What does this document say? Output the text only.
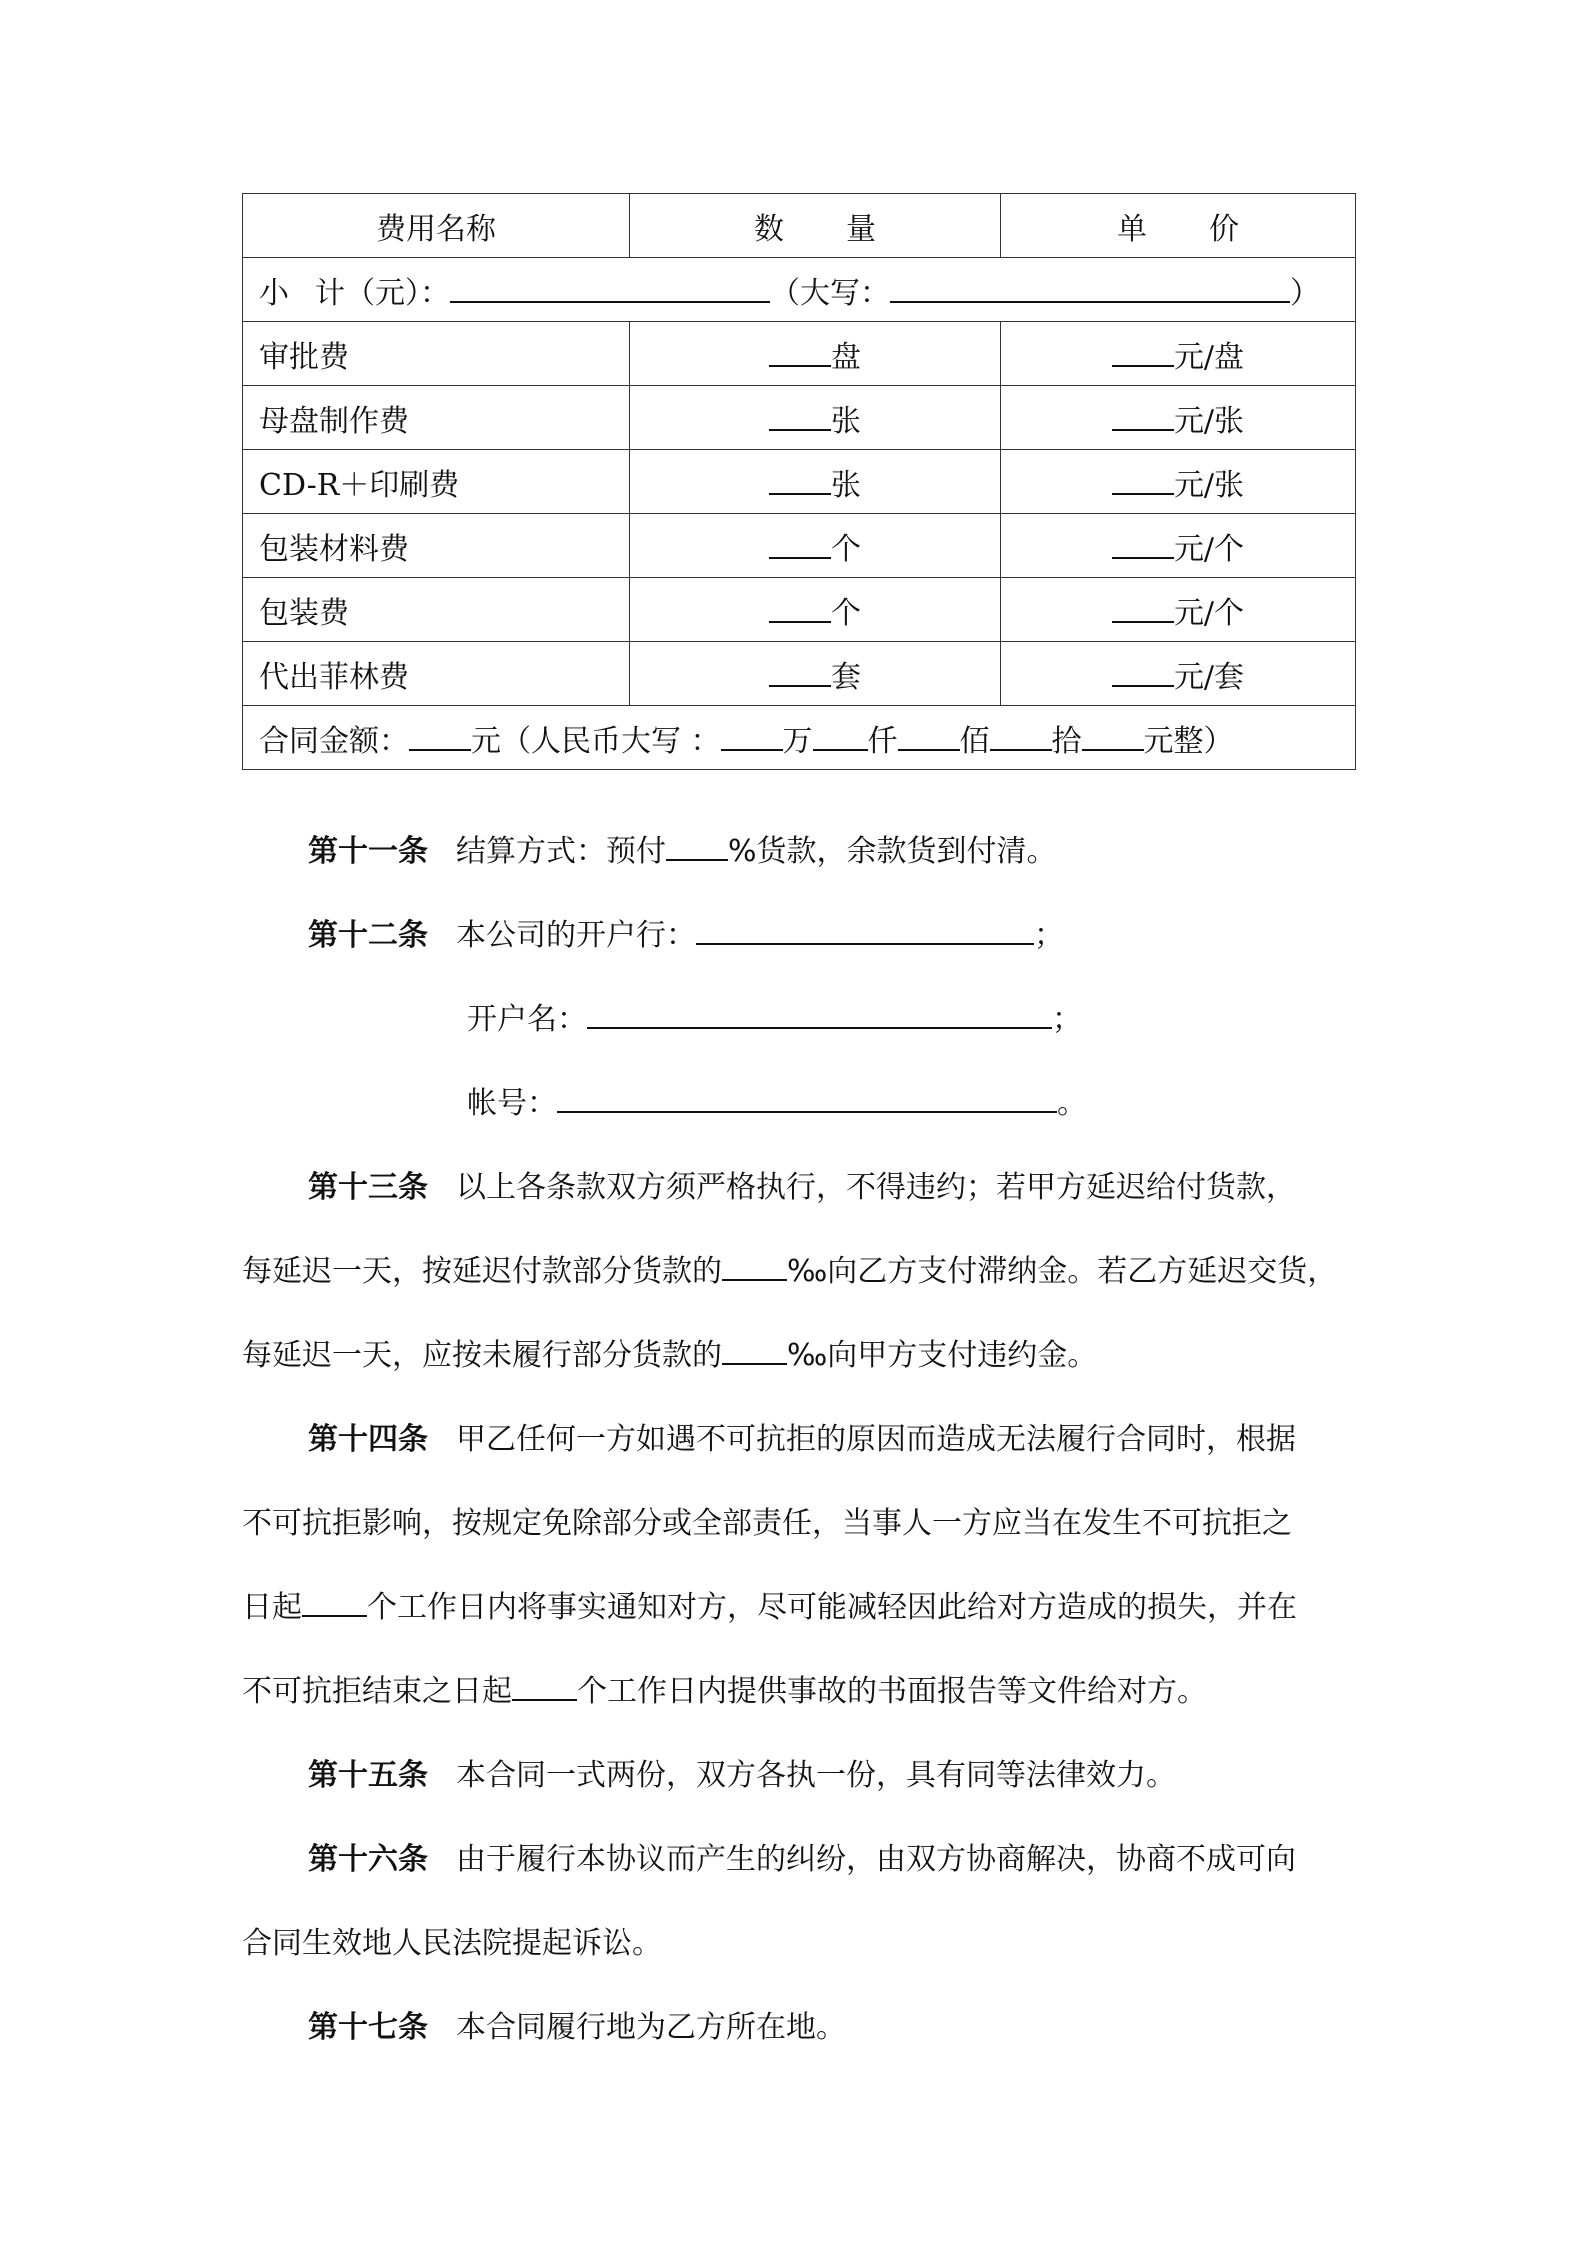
费用名称	数 量	单 价
小 计（元）： （大写： ）		
审批费	盘	元/盘
母盘制作费	张	元/张
CD-R＋印刷费	张	元/张
包装材料费	个	元/个
包装费	个	元/个
代出菲林费	套	元/套
合同金额： 元（人民币大写 ： 万 仟 佰 拾 元整）		
第十一条 结算方式：预付 %货款，余款货到付清。
第十二条 本公司的开户行：	；
开户名：	；
帐号：	。
第十三条 以上各条款双方须严格执行，不得违约；若甲方延迟给付货款，
每延迟一天，按延迟付款部分货款的 ‰向乙方支付滞纳金。若乙方延迟交货，
每延迟一天，应按未履行部分货款的 ‰向甲方支付违约金。
第十四条 甲乙任何一方如遇不可抗拒的原因而造成无法履行合同时，根据
不可抗拒影响，按规定免除部分或全部责任，当事人一方应当在发生不可抗拒之
日起 个工作日内将事实通知对方，尽可能减轻因此给对方造成的损失，并在
不可抗拒结束之日起 个工作日内提供事故的书面报告等文件给对方。
第十五条 本合同一式两份，双方各执一份，具有同等法律效力。
第十六条 由于履行本协议而产生的纠纷，由双方协商解决，协商不成可向
合同生效地人民法院提起诉讼。
第十七条 本合同履行地为乙方所在地。
